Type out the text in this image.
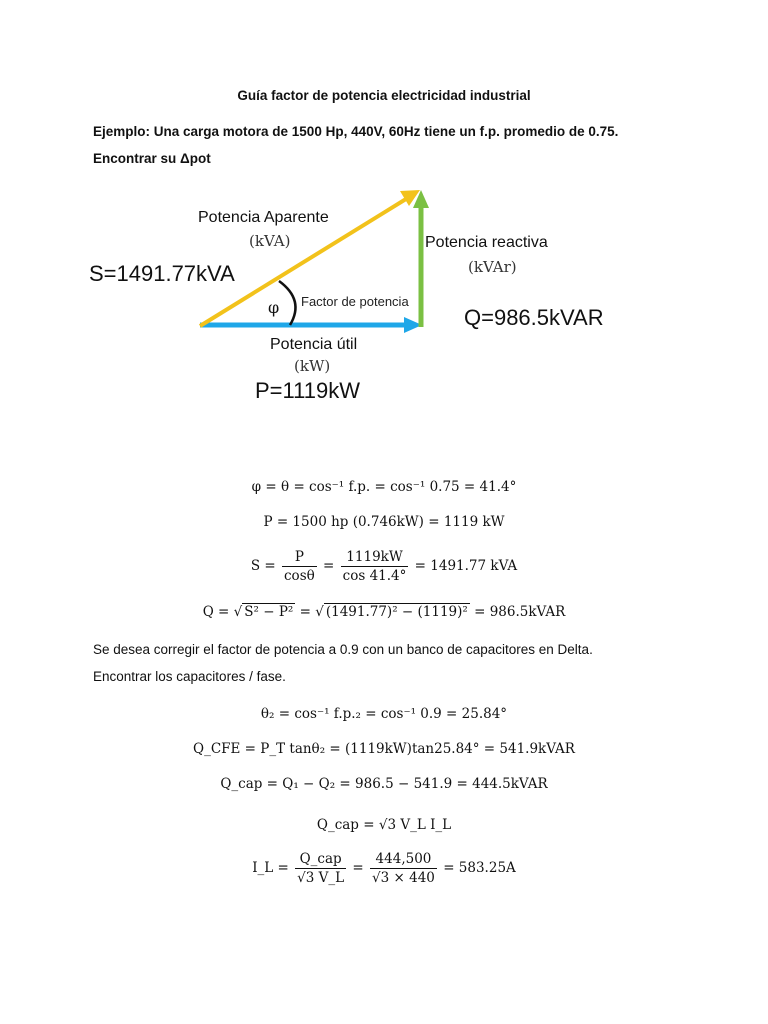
Guía factor de potencia electricidad industrial
Ejemplo: Una carga motora de 1500 Hp, 440V, 60Hz tiene un f.p. promedio de 0.75.
Encontrar su Δpot
Potencia Aparente
(kVA)
S=1491.77kVA
Potencia reactiva
(kVAr)
Q=986.5kVAR
φ Factor de potencia
Potencia útil
(kW)
P=1119kW
φ = θ = cos⁻¹ f.p. = cos⁻¹ 0.75 = 41.4°
P = 1500 hp (0.746kW) = 1119 kW
$S = \frac{P}{\cos\theta} = \frac{1119kW}{\cos 41.4^\circ} = 1491.77$ kVA
Q = √ S² − P² = √ (1491.77)² − (1119)² = 986.5kVAR
Se desea corregir el factor de potencia a 0.9 con un banco de capacitores en Delta.
Encontrar los capacitores / fase.
θ₂ = cos⁻¹ f.p.₂ = cos⁻¹ 0.9 = 25.84°
Q_CFE = P_T tanθ₂ = (1119kW)tan25.84° = 541.9kVAR
Q_cap = Q₁ − Q₂ = 986.5 − 541.9 = 444.5kVAR
Q_cap = √3 V_L I_L
I_L = $\frac{\text{Q\_cap}}{√3 V\_L} = \frac{444,500}{√3 \times 440} = 583.25A$
